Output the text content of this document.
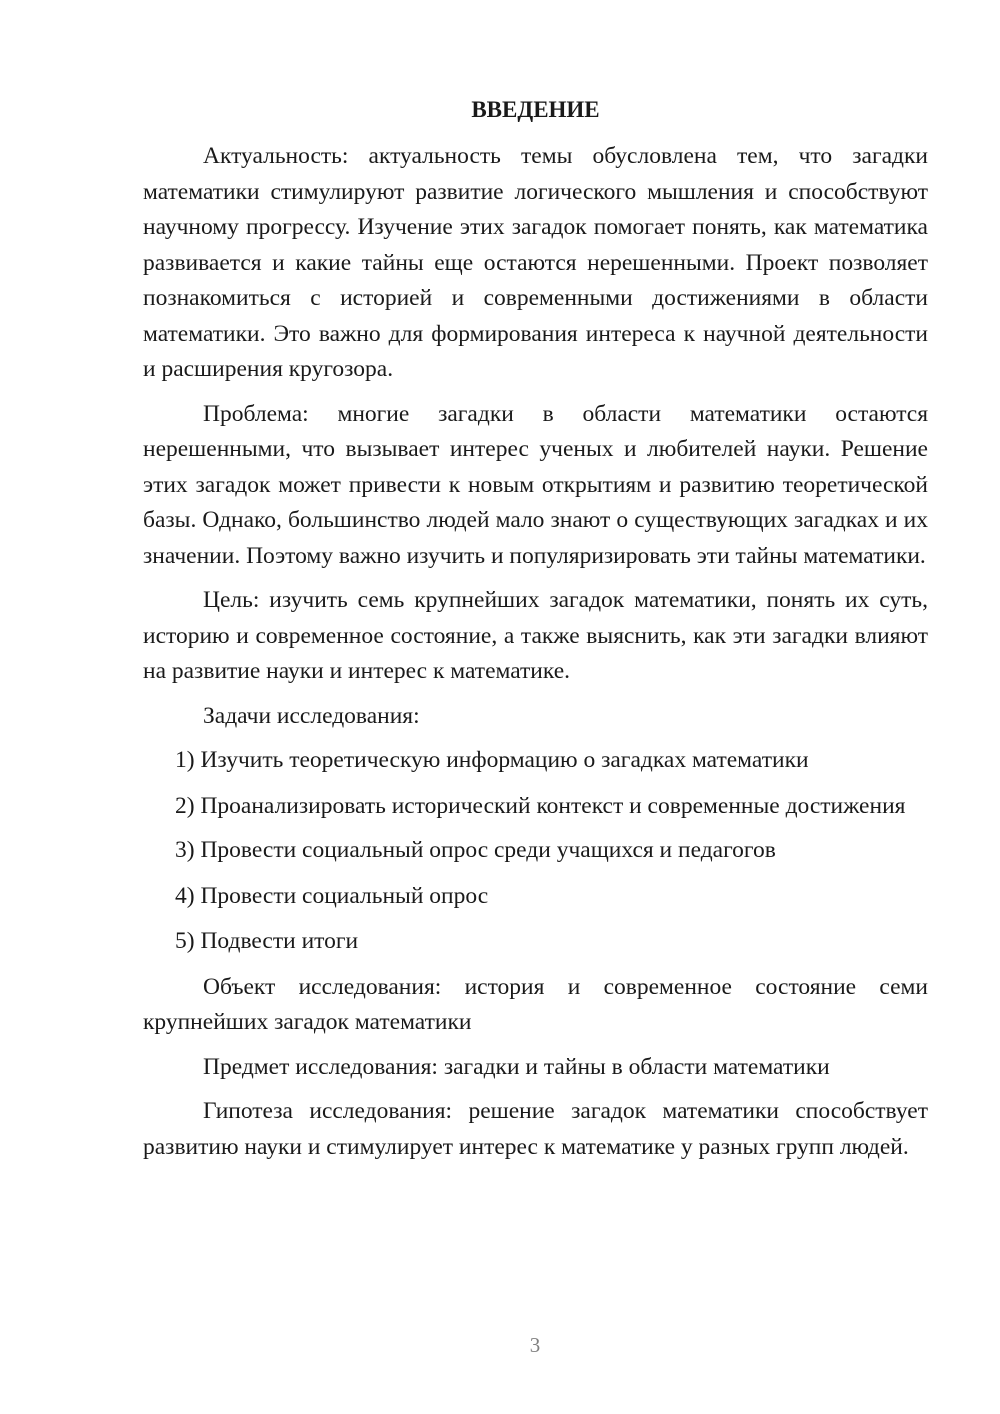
ВВЕДЕНИЕ

Актуальность: актуальность темы обусловлена тем, что загадки математики стимулируют развитие логического мышления и способствуют научному прогрессу. Изучение этих загадок помогает понять, как математика развивается и какие тайны еще остаются нерешенными. Проект позволяет познакомиться с историей и современными достижениями в области математики. Это важно для формирования интереса к научной деятельности и расширения кругозора.

Проблема: многие загадки в области математики остаются нерешенными, что вызывает интерес ученых и любителей науки. Решение этих загадок может привести к новым открытиям и развитию теоретической базы. Однако, большинство людей мало знают о существующих загадках и их значении. Поэтому важно изучить и популяризировать эти тайны математики.

Цель: изучить семь крупнейших загадок математики, понять их суть, историю и современное состояние, а также выяснить, как эти загадки влияют на развитие науки и интерес к математике.

Задачи исследования:

1) Изучить теоретическую информацию о загадках математики

2) Проанализировать исторический контекст и современные достижения

3) Провести социальный опрос среди учащихся и педагогов

4) Провести социальный опрос

5) Подвести итоги

Объект исследования: история и современное состояние семи крупнейших загадок математики

Предмет исследования: загадки и тайны в области математики

Гипотеза исследования: решение загадок математики способствует развитию науки и стимулирует интерес к математике у разных групп людей.

3
